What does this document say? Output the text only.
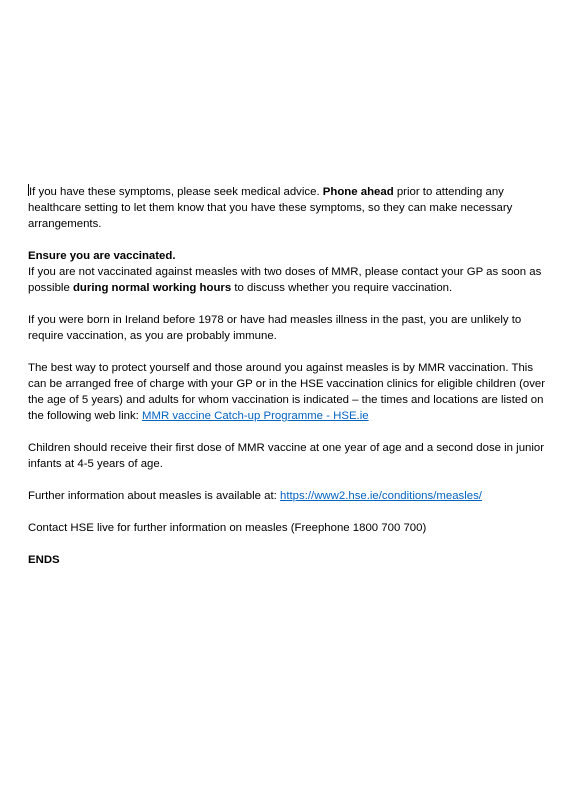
If you have these symptoms, please seek medical advice. Phone ahead prior to attending any healthcare setting to let them know that you have these symptoms, so they can make necessary arrangements.

Ensure you are vaccinated.

If you are not vaccinated against measles with two doses of MMR, please contact your GP as soon as possible during normal working hours to discuss whether you require vaccination.

If you were born in Ireland before 1978 or have had measles illness in the past, you are unlikely to require vaccination, as you are probably immune.

The best way to protect yourself and those around you against measles is by MMR vaccination. This can be arranged free of charge with your GP or in the HSE vaccination clinics for eligible children (over the age of 5 years) and adults for whom vaccination is indicated – the times and locations are listed on the following web link: MMR vaccine Catch-up Programme - HSE.ie

Children should receive their first dose of MMR vaccine at one year of age and a second dose in junior infants at 4-5 years of age.

Further information about measles is available at: https://www2.hse.ie/conditions/measles/

Contact HSE live for further information on measles (Freephone 1800 700 700)

ENDS
